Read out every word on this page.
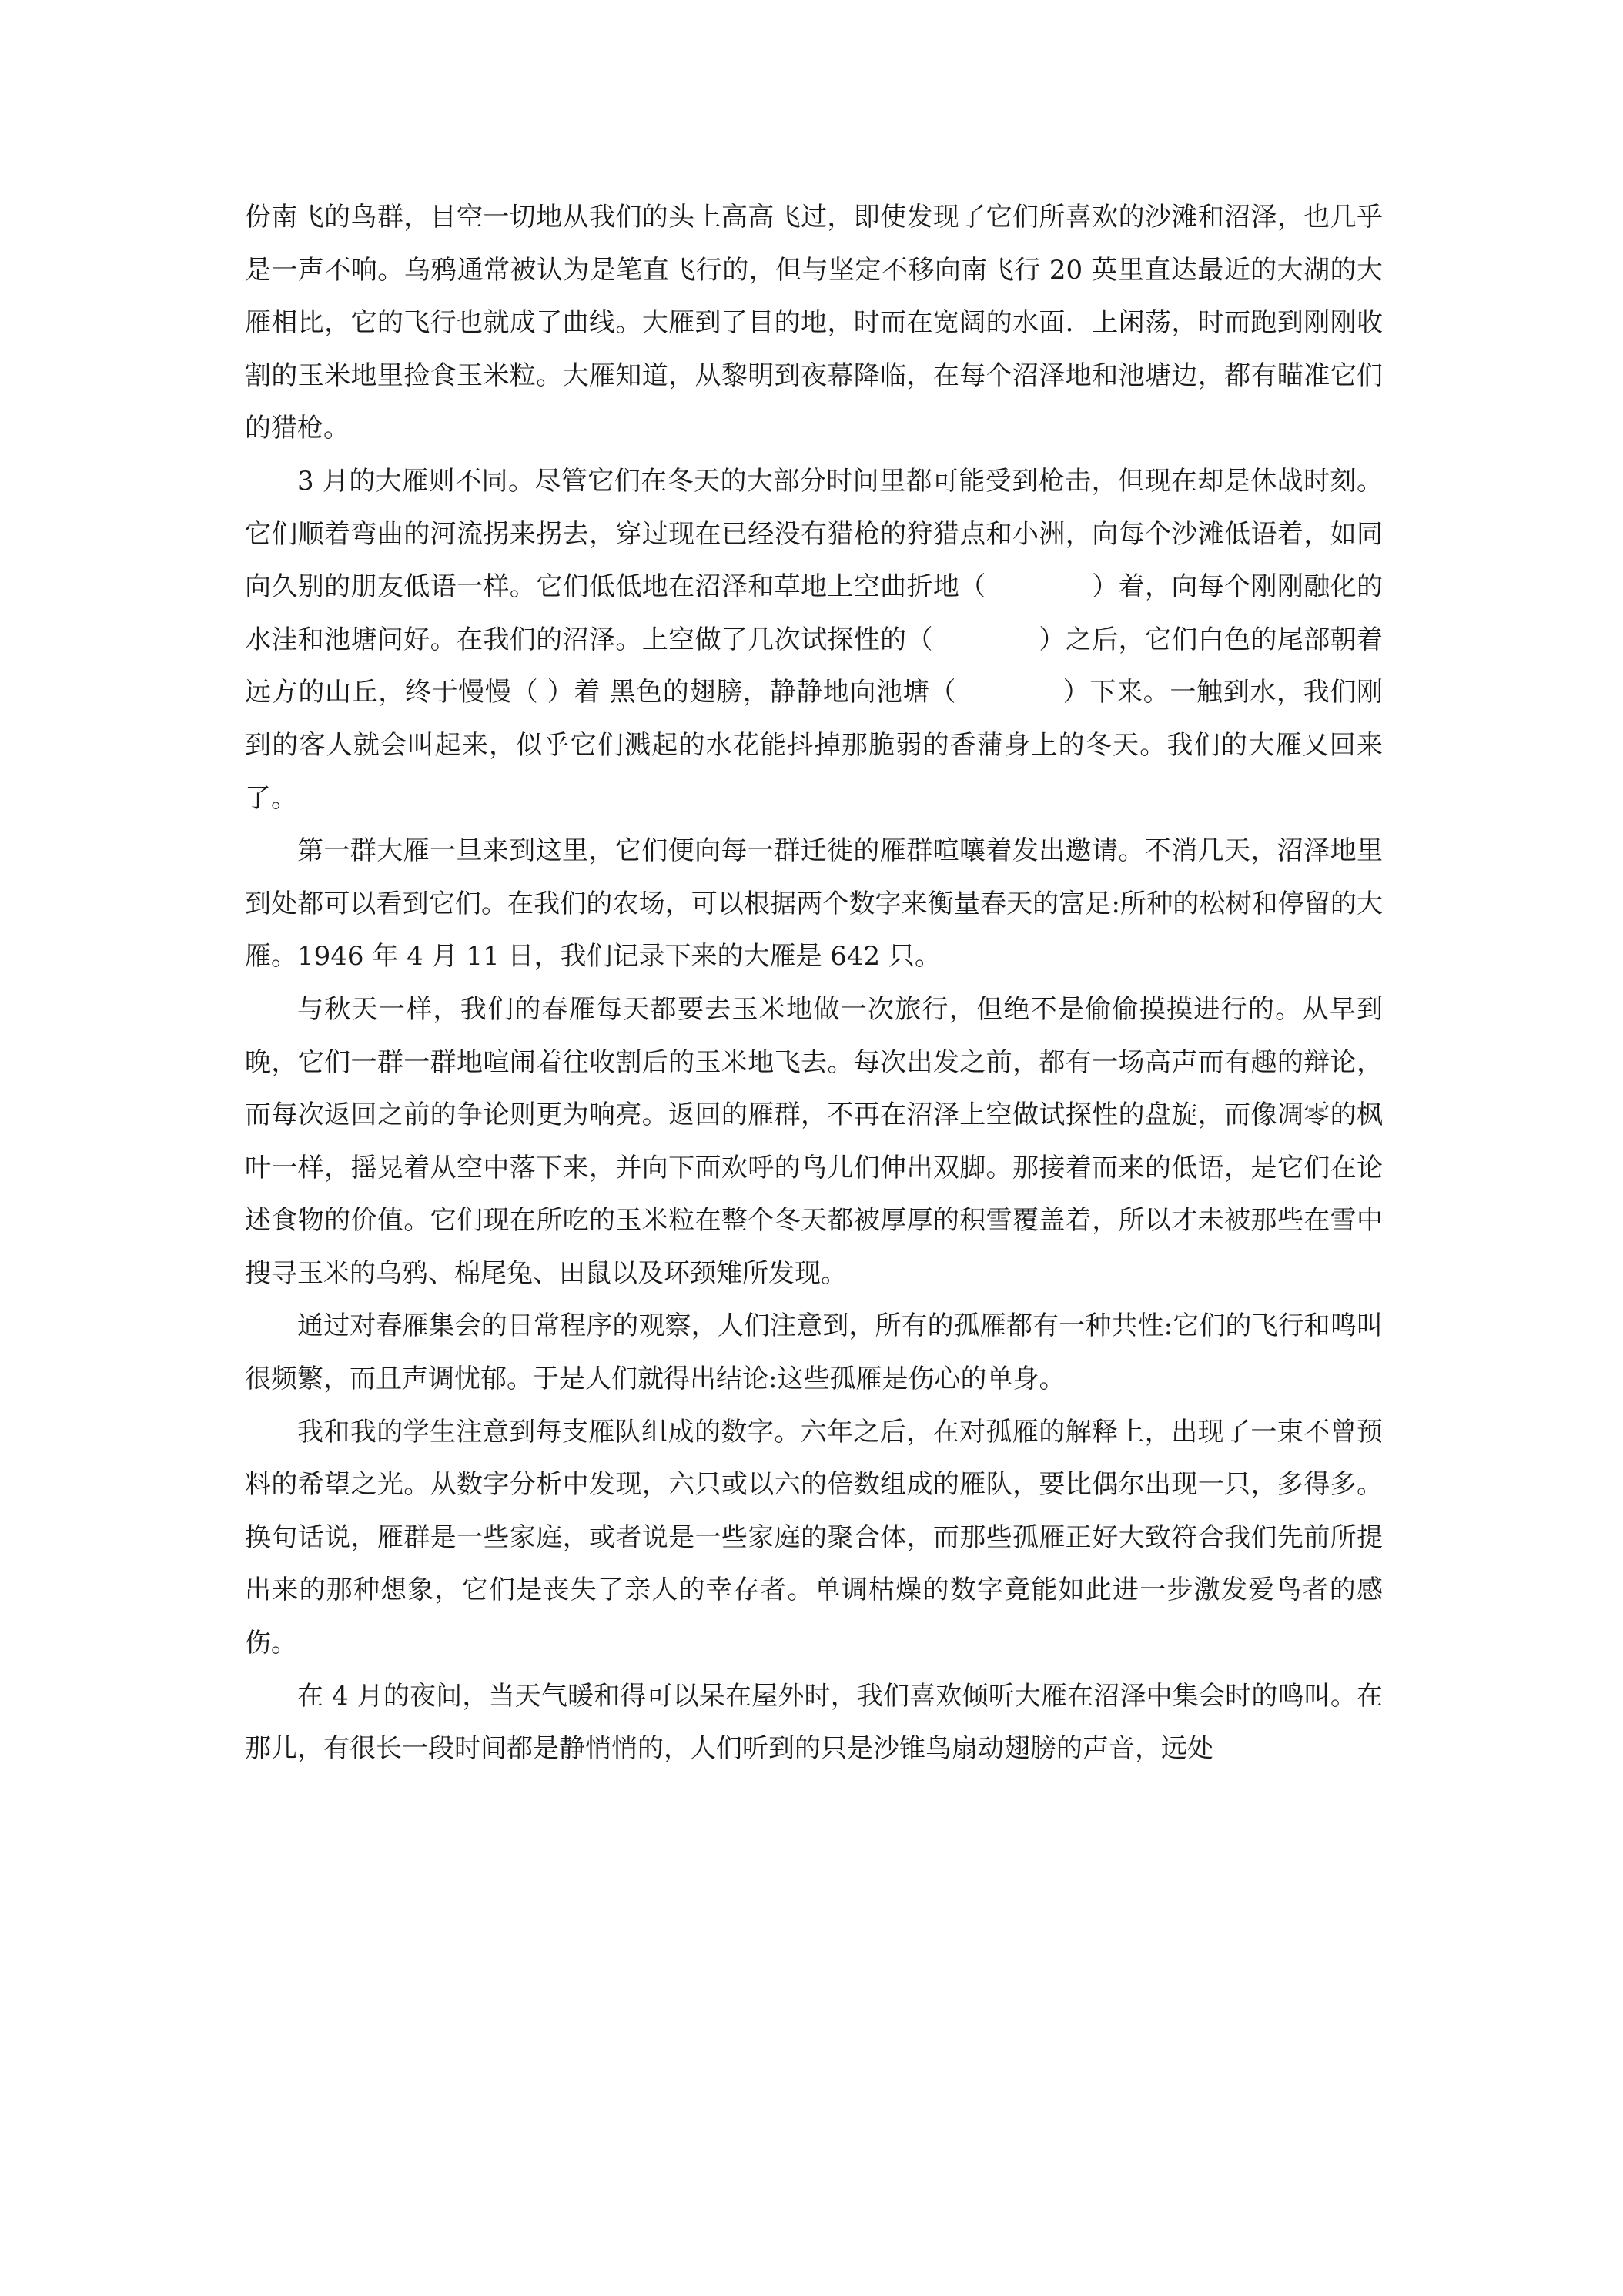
份南飞的鸟群，目空一切地从我们的头上高高飞过，即使发现了它们所喜欢的沙滩和沼泽，也几乎是一声不响。乌鸦通常被认为是笔直飞行的，但与坚定不移向南飞行 20 英里直达最近的大湖的大雁相比，它的飞行也就成了曲线。大雁到了目的地，时而在宽阔的水面．上闲荡，时而跑到刚刚收割的玉米地里捡食玉米粒。大雁知道，从黎明到夜幕降临，在每个沼泽地和池塘边，都有瞄准它们的猎枪。

3 月的大雁则不同。尽管它们在冬天的大部分时间里都可能受到枪击，但现在却是休战时刻。它们顺着弯曲的河流拐来拐去，穿过现在已经没有猎枪的狩猎点和小洲，向每个沙滩低语着，如同向久别的朋友低语一样。它们低低地在沼泽和草地上空曲折地（　　　　）着，向每个刚刚融化的水洼和池塘问好。在我们的沼泽。上空做了几次试探性的（　　　　）之后，它们白色的尾部朝着远方的山丘，终于慢慢（ ）着 黑色的翅膀，静静地向池塘（　　　　）下来。一触到水，我们刚到的客人就会叫起来，似乎它们溅起的水花能抖掉那脆弱的香蒲身上的冬天。我们的大雁又回来了。

第一群大雁一旦来到这里，它们便向每一群迁徙的雁群喧嚷着发出邀请。不消几天，沼泽地里到处都可以看到它们。在我们的农场，可以根据两个数字来衡量春天的富足:所种的松树和停留的大雁。1946 年 4 月 11 日，我们记录下来的大雁是 642 只。

与秋天一样，我们的春雁每天都要去玉米地做一次旅行，但绝不是偷偷摸摸进行的。从早到晚，它们一群一群地喧闹着往收割后的玉米地飞去。每次出发之前，都有一场高声而有趣的辩论，而每次返回之前的争论则更为响亮。返回的雁群，不再在沼泽上空做试探性的盘旋，而像凋零的枫叶一样，摇晃着从空中落下来，并向下面欢呼的鸟儿们伸出双脚。那接着而来的低语，是它们在论述食物的价值。它们现在所吃的玉米粒在整个冬天都被厚厚的积雪覆盖着，所以才未被那些在雪中搜寻玉米的乌鸦、棉尾兔、田鼠以及环颈雉所发现。

通过对春雁集会的日常程序的观察，人们注意到，所有的孤雁都有一种共性:它们的飞行和鸣叫很频繁，而且声调忧郁。于是人们就得出结论:这些孤雁是伤心的单身。

我和我的学生注意到每支雁队组成的数字。六年之后，在对孤雁的解释上，出现了一束不曾预料的希望之光。从数字分析中发现，六只或以六的倍数组成的雁队，要比偶尔出现一只，多得多。换句话说，雁群是一些家庭，或者说是一些家庭的聚合体，而那些孤雁正好大致符合我们先前所提出来的那种想象，它们是丧失了亲人的幸存者。单调枯燥的数字竟能如此进一步激发爱鸟者的感伤。

在 4 月的夜间，当天气暖和得可以呆在屋外时，我们喜欢倾听大雁在沼泽中集会时的鸣叫。在那儿，有很长一段时间都是静悄悄的，人们听到的只是沙锥鸟扇动翅膀的声音，远处
